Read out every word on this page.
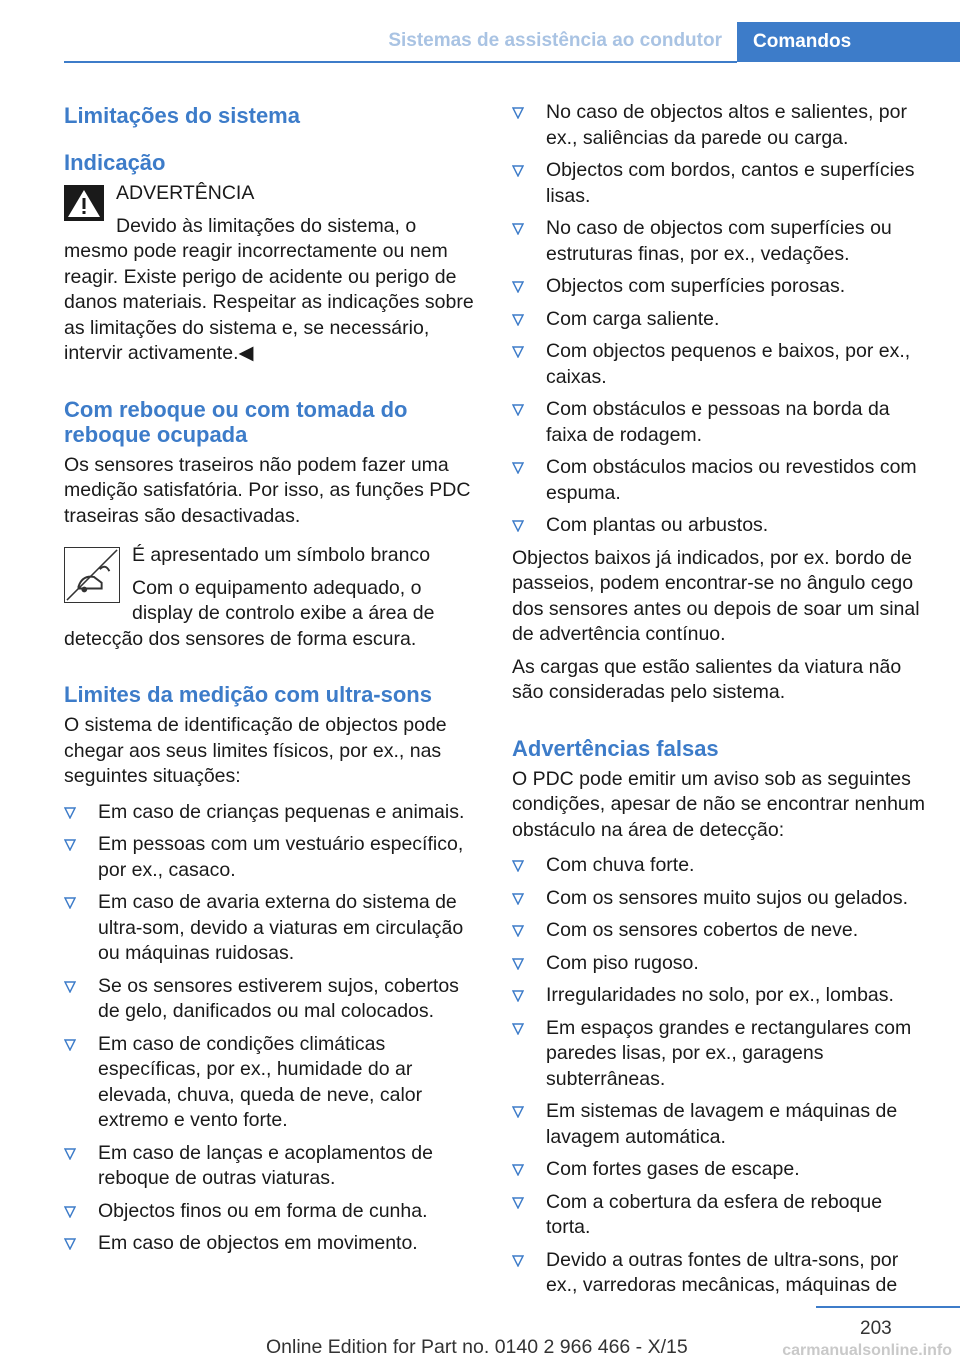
Sistemas de assistência ao condutor	Comandos
Limitações do sistema
Indicação
ADVERTÊNCIA

Devido às limitações do sistema, o mesmo pode reagir incorrectamente ou nem reagir. Existe perigo de acidente ou perigo de danos materiais. Respeitar as indicações sobre as limitações do sistema e, se necessário, intervir activamente.◀

Com reboque ou com tomada do reboque ocupada

Os sensores traseiros não podem fazer uma medição satisfatória. Por isso, as funções PDC traseiras são desactivadas.

É apresentado um símbolo branco

Com o equipamento adequado, o display de controlo exibe a área de detecção dos sensores de forma escura.

Limites da medição com ultra-sons

O sistema de identificação de objectos pode chegar aos seus limites físicos, por ex., nas seguintes situações:

Em caso de crianças pequenas e animais.
Em pessoas com um vestuário específico, por ex., casaco.
Em caso de avaria externa do sistema de ultra-som, devido a viaturas em circulação ou máquinas ruidosas.
Se os sensores estiverem sujos, cobertos de gelo, danificados ou mal colocados.
Em caso de condições climáticas específicas, por ex., humidade do ar elevada, chuva, queda de neve, calor extremo e vento forte.
Em caso de lanças e acoplamentos de reboque de outras viaturas.
Objectos finos ou em forma de cunha.
Em caso de objectos em movimento.
No caso de objectos altos e salientes, por ex., saliências da parede ou carga.
Objectos com bordos, cantos e superfícies lisas.
No caso de objectos com superfícies ou estruturas finas, por ex., vedações.
Objectos com superfícies porosas.
Com carga saliente.
Com objectos pequenos e baixos, por ex., caixas.
Com obstáculos e pessoas na borda da faixa de rodagem.
Com obstáculos macios ou revestidos com espuma.
Com plantas ou arbustos.

Objectos baixos já indicados, por ex. bordo de passeios, podem encontrar-se no ângulo cego dos sensores antes ou depois de soar um sinal de advertência contínuo.

As cargas que estão salientes da viatura não são consideradas pelo sistema.

Advertências falsas

O PDC pode emitir um aviso sob as seguintes condições, apesar de não se encontrar nenhum obstáculo na área de detecção:

Com chuva forte.
Com os sensores muito sujos ou gelados.
Com os sensores cobertos de neve.
Com piso rugoso.
Irregularidades no solo, por ex., lombas.
Em espaços grandes e rectangulares com paredes lisas, por ex., garagens subterrâneas.
Em sistemas de lavagem e máquinas de lavagem automática.
Com fortes gases de escape.
Com a cobertura da esfera de reboque torta.
Devido a outras fontes de ultra-sons, por ex., varredoras mecânicas, máquinas de
203
Online Edition for Part no. 0140 2 966 466 - X/15	carmanualsonline.info
